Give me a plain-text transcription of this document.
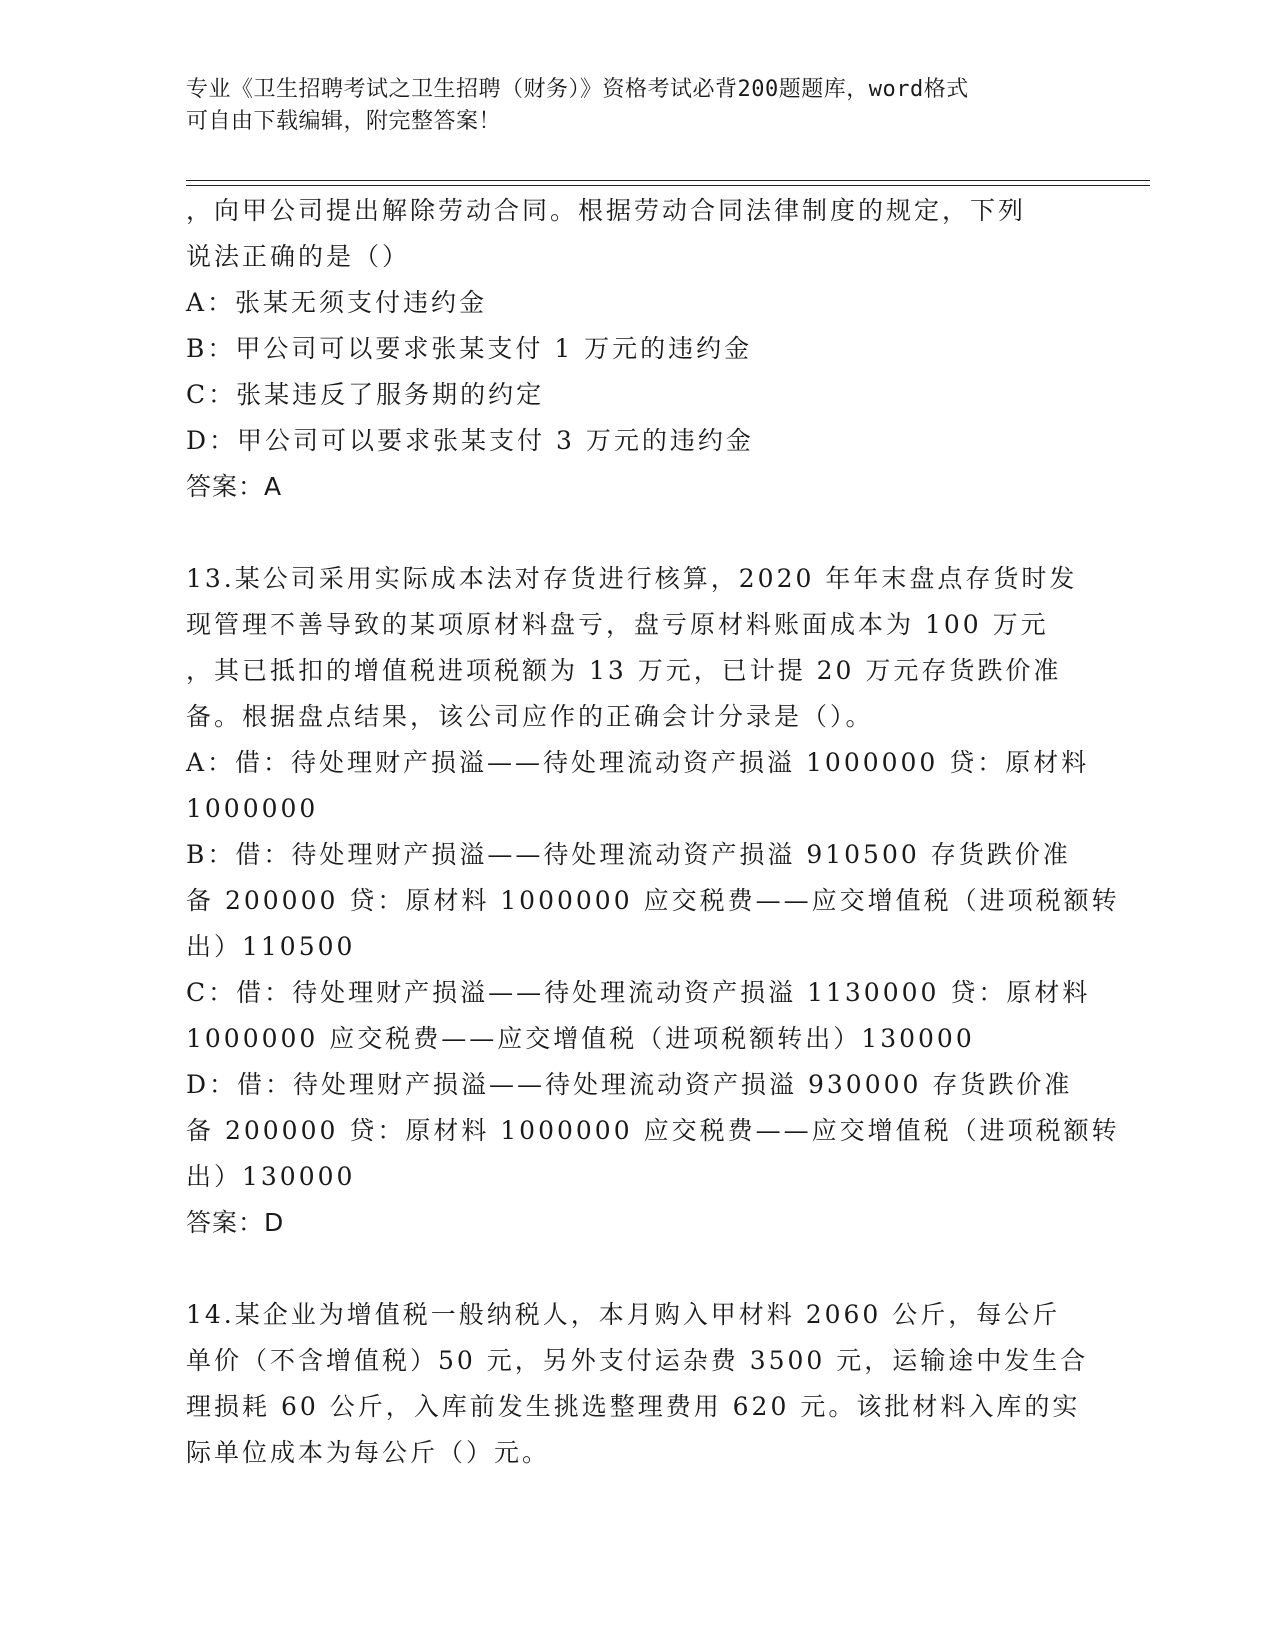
专业《卫生招聘考试之卫生招聘（财务）》资格考试必背200题题库，word格式
可自由下载编辑，附完整答案！
，向甲公司提出解除劳动合同。根据劳动合同法律制度的规定，下列
说法正确的是（）
A：张某无须支付违约金
B：甲公司可以要求张某支付 1 万元的违约金
C：张某违反了服务期的约定
D：甲公司可以要求张某支付 3 万元的违约金
答案：A
13.某公司采用实际成本法对存货进行核算，2020 年年末盘点存货时发
现管理不善导致的某项原材料盘亏，盘亏原材料账面成本为 100 万元
，其已抵扣的增值税进项税额为 13 万元，已计提 20 万元存货跌价准
备。根据盘点结果，该公司应作的正确会计分录是（）。
A：借：待处理财产损溢——待处理流动资产损溢 1000000 贷：原材料
1000000
B：借：待处理财产损溢——待处理流动资产损溢 910500 存货跌价准
备 200000 贷：原材料 1000000 应交税费——应交增值税（进项税额转
出）110500
C：借：待处理财产损溢——待处理流动资产损溢 1130000 贷：原材料
1000000 应交税费——应交增值税（进项税额转出）130000
D：借：待处理财产损溢——待处理流动资产损溢 930000 存货跌价准
备 200000 贷：原材料 1000000 应交税费——应交增值税（进项税额转
出）130000
答案：D
14.某企业为增值税一般纳税人，本月购入甲材料 2060 公斤，每公斤
单价（不含增值税）50 元，另外支付运杂费 3500 元，运输途中发生合
理损耗 60 公斤，入库前发生挑选整理费用 620 元。该批材料入库的实
际单位成本为每公斤（）元。
